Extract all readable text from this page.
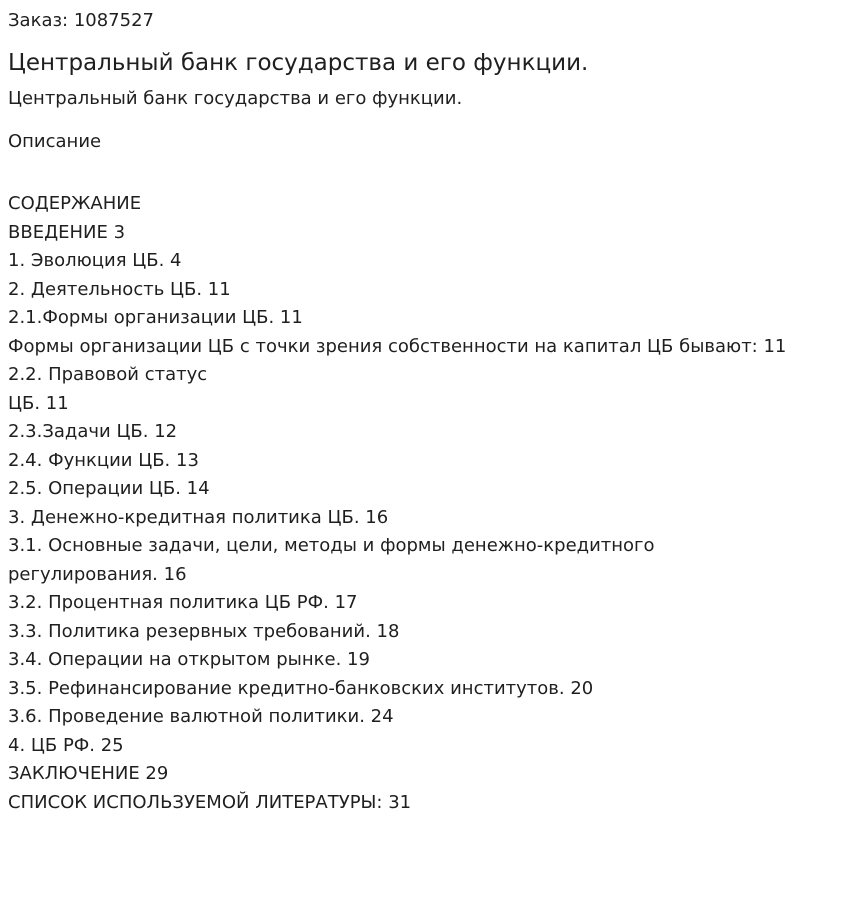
Заказ: 1087527
Центральный банк государства и его функции.
Центральный банк государства и его функции.
Описание
СОДЕРЖАНИЕ
ВВЕДЕНИЕ 3
1. Эволюция ЦБ. 4
2. Деятельность ЦБ. 11
2.1.Формы организации ЦБ. 11
Формы организации ЦБ с точки зрения собственности на капитал ЦБ бывают: 11
2.2. Правовой статус
ЦБ. 11
2.3.Задачи ЦБ. 12
2.4. Функции ЦБ. 13
2.5. Операции ЦБ. 14
3. Денежно-кредитная политика ЦБ. 16
3.1. Основные задачи, цели, методы и формы денежно-кредитного
регулирования. 16
3.2. Процентная политика ЦБ РФ. 17
3.3. Политика резервных требований. 18
3.4. Операции на открытом рынке. 19
3.5. Рефинансирование кредитно-банковских институтов. 20
3.6. Проведение валютной политики. 24
4. ЦБ РФ. 25
ЗАКЛЮЧЕНИЕ 29
СПИСОК ИСПОЛЬЗУЕМОЙ ЛИТЕРАТУРЫ: 31
